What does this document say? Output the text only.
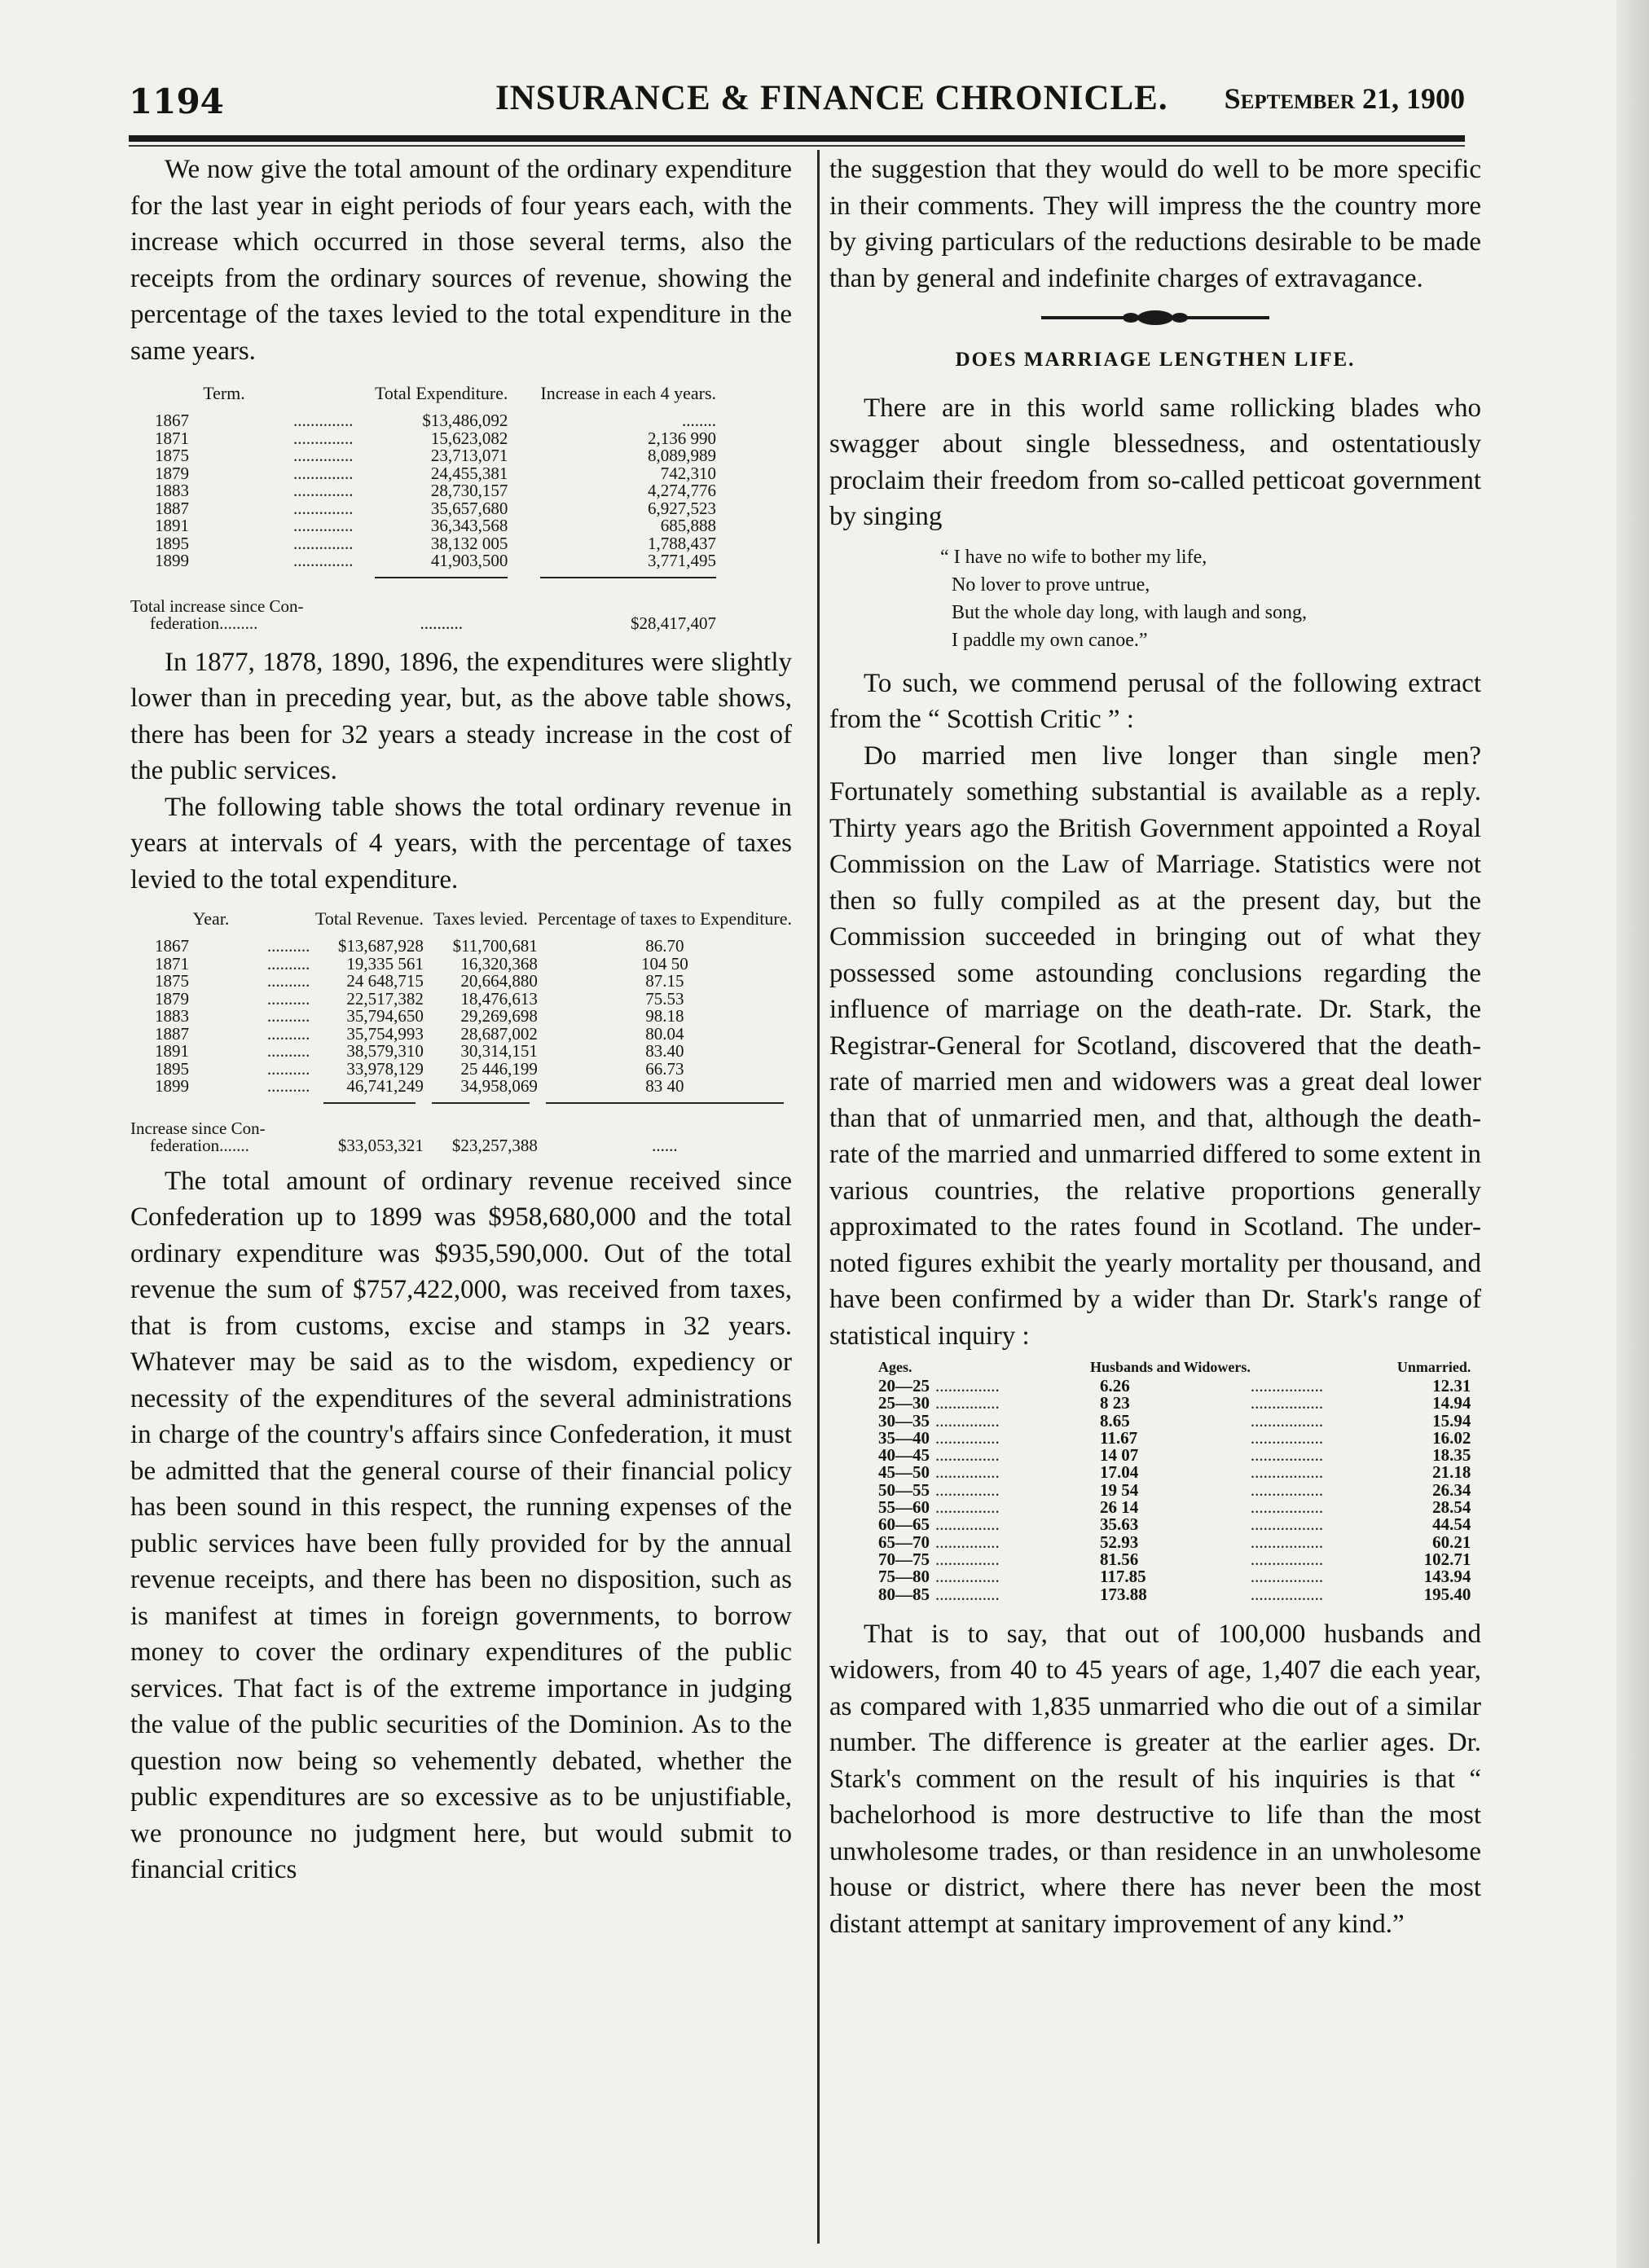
1194	INSURANCE & FINANCE CHRONICLE. September 21, 1900

We now give the total amount of the ordinary expenditure for the last year in eight periods of four years each, with the increase which occurred in those several terms, also the receipts from the ordinary sources of revenue, showing the percentage of the taxes levied to the total expenditure in the same years.

Term.		Total Expenditure.		Increase in each 4 years.
1867	..............	$13,486,092		........
1871	..............	15,623,082		2,136 990
1875	..............	23,713,071		8,089,989
1879	..............	24,455,381		742,310
1883	..............	28,730,157		4,274,776
1887	..............	35,657,680		6,927,523
1891	..............	36,343,568		685,888
1895	..............	38,132 005		1,788,437
1899	..............	41,903,500		3,771,495

Total increase since Con-			
federation.........	..........		$28,417,407

In 1877, 1878, 1890, 1896, the expenditures were slightly lower than in preceding year, but, as the above table shows, there has been for 32 years a steady increase in the cost of the public services.

The following table shows the total ordinary revenue in years at intervals of 4 years, with the percentage of taxes levied to the total expenditure.

Year.		Total Revenue.	Taxes levied.	Percentage of taxes to Expenditure.
1867	..........	$13,687,928	$11,700,681	86.70
1871	..........	19,335 561	16,320,368	104 50
1875	..........	24 648,715	20,664,880	87.15
1879	..........	22,517,382	18,476,613	75.53
1883	..........	35,794,650	29,269,698	98.18
1887	..........	35,754,993	28,687,002	80.04
1891	..........	38,579,310	30,314,151	83.40
1895	..........	33,978,129	25 446,199	66.73
1899	..........	46,741,249	34,958,069	83 40

Increase since Con-			
federation.......	$33,053,321	$23,257,388	......

The total amount of ordinary revenue received since Confederation up to 1899 was $958,680,000 and the total ordinary expenditure was $935,590,000. Out of the total revenue the sum of $757,422,000, was received from taxes, that is from customs, excise and stamps in 32 years. Whatever may be said as to the wisdom, expediency or necessity of the expenditures of the several administrations in charge of the country's affairs since Confederation, it must be admitted that the general course of their financial policy has been sound in this respect, the running expenses of the public services have been fully provided for by the annual revenue receipts, and there has been no disposition, such as is manifest at times in foreign governments, to borrow money to cover the ordinary expenditures of the public services. That fact is of the extreme importance in judging the value of the public securities of the Dominion. As to the question now being so vehemently debated, whether the public expenditures are so excessive as to be unjustifiable, we pronounce no judgment here, but would submit to financial critics

the suggestion that they would do well to be more specific in their comments. They will impress the the country more by giving particulars of the reductions desirable to be made than by general and indefinite charges of extravagance.

DOES MARRIAGE LENGTHEN LIFE.

There are in this world same rollicking blades who swagger about single blessedness, and ostentatiously proclaim their freedom from so-called petticoat government by singing

“ I have no wife to bother my life,
No lover to prove untrue,
But the whole day long, with laugh and song,
I paddle my own canoe.”

To such, we commend perusal of the following extract from the “ Scottish Critic ” :

Do married men live longer than single men? Fortunately something substantial is available as a reply. Thirty years ago the British Government appointed a Royal Commission on the Law of Marriage. Statistics were not then so fully compiled as at the present day, but the Commission succeeded in bringing out of what they possessed some astounding conclusions regarding the influence of marriage on the death-rate. Dr. Stark, the Registrar-General for Scotland, discovered that the death-rate of married men and widowers was a great deal lower than that of unmarried men, and that, although the death-rate of the married and unmarried differed to some extent in various countries, the relative proportions generally approximated to the rates found in Scotland. The under-noted figures exhibit the yearly mortality per thousand, and have been confirmed by a wider than Dr. Stark's range of statistical inquiry :

Ages.		Husbands and Widowers.		Unmarried.
20—25	...............	6.26	.................	12.31
25—30	...............	8 23	.................	14.94
30—35	...............	8.65	.................	15.94
35—40	...............	11.67	.................	16.02
40—45	...............	14 07	.................	18.35
45—50	...............	17.04	.................	21.18
50—55	...............	19 54	.................	26.34
55—60	...............	26 14	.................	28.54
60—65	...............	35.63	.................	44.54
65—70	...............	52.93	.................	60.21
70—75	...............	81.56	.................	102.71
75—80	...............	117.85	.................	143.94
80—85	...............	173.88	.................	195.40

That is to say, that out of 100,000 husbands and widowers, from 40 to 45 years of age, 1,407 die each year, as compared with 1,835 unmarried who die out of a similar number. The difference is greater at the earlier ages. Dr. Stark's comment on the result of his inquiries is that “ bachelorhood is more destructive to life than the most unwholesome trades, or than residence in an unwholesome house or district, where there has never been the most distant attempt at sanitary improvement of any kind.”
